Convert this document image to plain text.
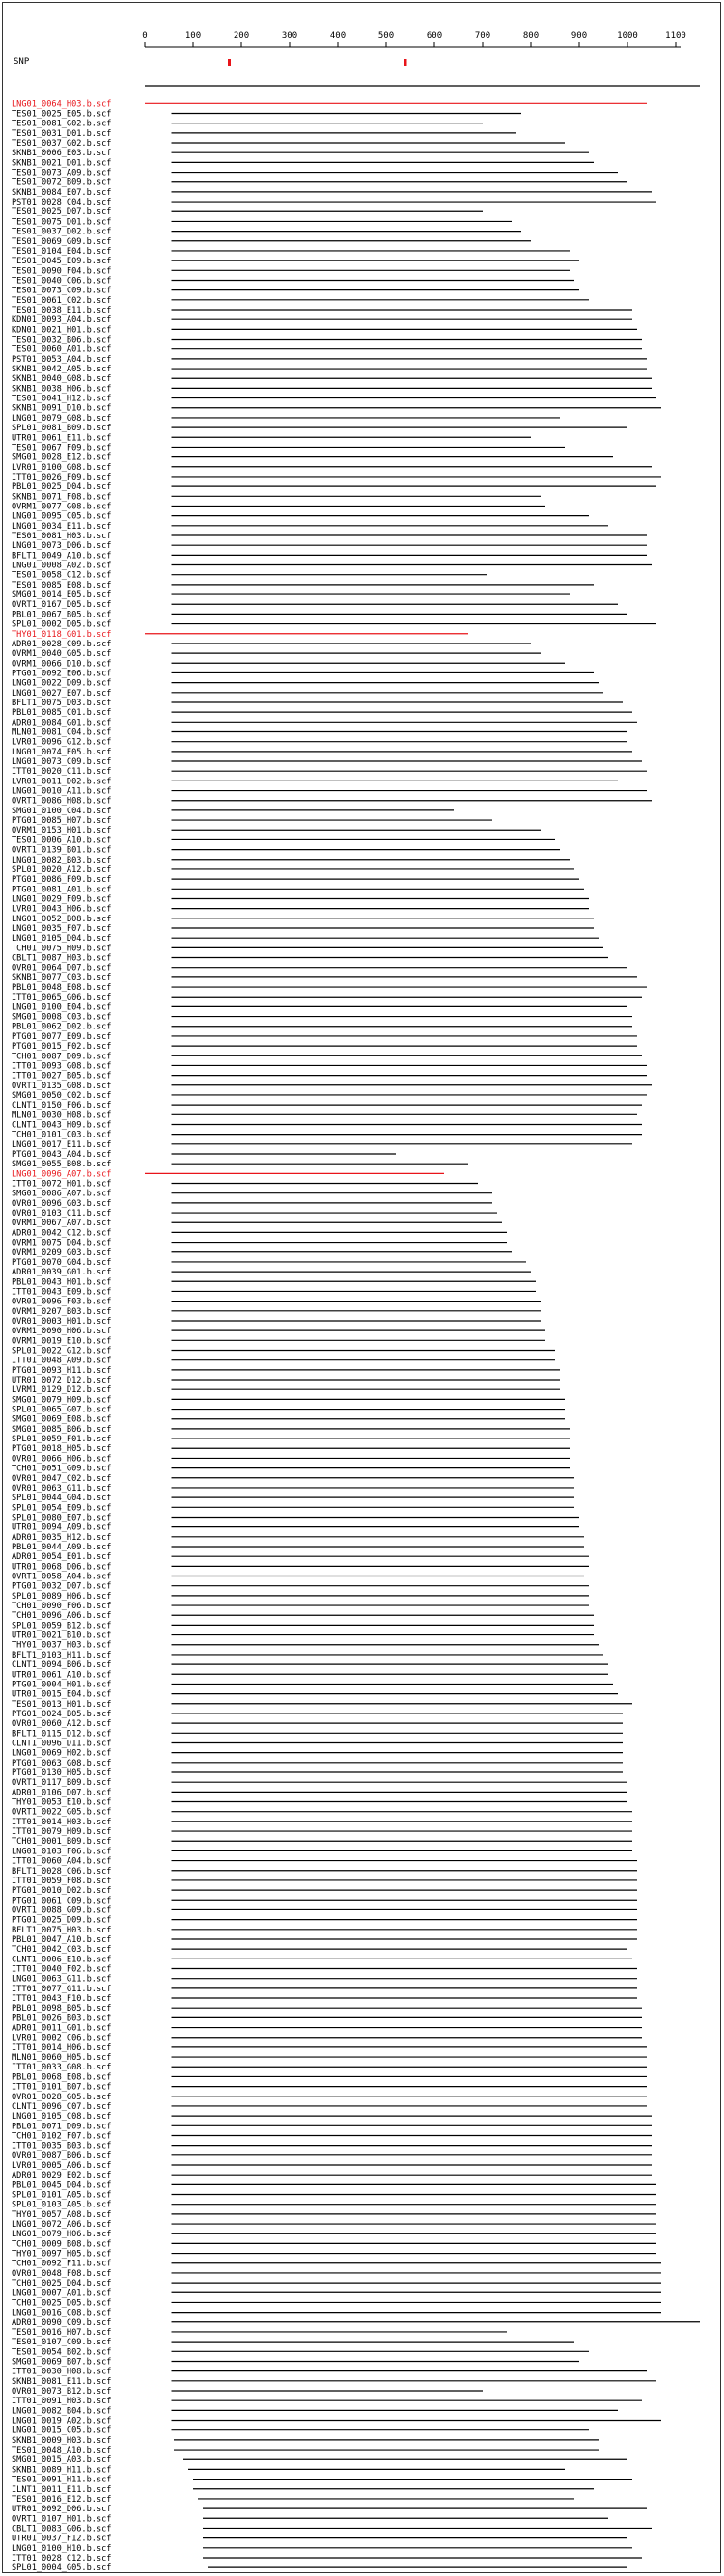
0	100	200	300	400	500	600	700	800	900	1000	1100
SNP
LNG01_0064_H03.b.scf
TES01_0025_E05.b.scf
TES01_0081_G02.b.scf
TES01_0031_D01.b.scf
TES01_0037_G02.b.scf
SKNB1_0006_E03.b.scf
SKNB1_0021_D01.b.scf
TES01_0073_A09.b.scf
TES01_0072_B09.b.scf
SKNB1_0084_E07.b.scf
PST01_0028_C04.b.scf
TES01_0025_D07.b.scf
TES01_0075_D01.b.scf
TES01_0037_D02.b.scf
TES01_0069_G09.b.scf
TES01_0104_E04.b.scf
TES01_0045_E09.b.scf
TES01_0090_F04.b.scf
TES01_0040_C06.b.scf
TES01_0073_C09.b.scf
TES01_0061_C02.b.scf
TES01_0038_E11.b.scf
KDN01_0093_A04.b.scf
KDN01_0021_H01.b.scf
TES01_0032_B06.b.scf
TES01_0060_A01.b.scf
PST01_0053_A04.b.scf
SKNB1_0042_A05.b.scf
SKNB1_0040_G08.b.scf
SKNB1_0038_H06.b.scf
TES01_0041_H12.b.scf
SKNB1_0091_D10.b.scf
LNG01_0079_G08.b.scf
SPL01_0081_B09.b.scf
UTR01_0061_E11.b.scf
TES01_0067_F09.b.scf
SMG01_0028_E12.b.scf
LVR01_0100_G08.b.scf
ITT01_0026_F09.b.scf
PBL01_0025_D04.b.scf
SKNB1_0071_F08.b.scf
OVRM1_0077_G08.b.scf
LNG01_0095_C05.b.scf
LNG01_0034_E11.b.scf
TES01_0081_H03.b.scf
LNG01_0073_D06.b.scf
BFLT1_0049_A10.b.scf
LNG01_0008_A02.b.scf
TES01_0058_C12.b.scf
TES01_0085_E08.b.scf
SMG01_0014_E05.b.scf
OVRT1_0167_D05.b.scf
PBL01_0067_B05.b.scf
SPL01_0002_D05.b.scf
THY01_0118_G01.b.scf
ADR01_0028_C09.b.scf
OVRM1_0040_G05.b.scf
OVRM1_0066_D10.b.scf
PTG01_0092_E06.b.scf
LNG01_0022_D09.b.scf
LNG01_0027_E07.b.scf
BFLT1_0075_D03.b.scf
PBL01_0085_C01.b.scf
ADR01_0084_G01.b.scf
MLN01_0081_C04.b.scf
LVR01_0096_G12.b.scf
LNG01_0074_E05.b.scf
LNG01_0073_C09.b.scf
ITT01_0020_C11.b.scf
LVR01_0011_D02.b.scf
LNG01_0010_A11.b.scf
OVRT1_0086_H08.b.scf
SMG01_0100_C04.b.scf
PTG01_0085_H07.b.scf
OVRM1_0153_H01.b.scf
TES01_0006_A10.b.scf
OVRT1_0139_B01.b.scf
LNG01_0082_B03.b.scf
SPL01_0020_A12.b.scf
PTG01_0086_F09.b.scf
PTG01_0081_A01.b.scf
LNG01_0029_F09.b.scf
LVR01_0043_H06.b.scf
LNG01_0052_B08.b.scf
LNG01_0035_F07.b.scf
LNG01_0105_D04.b.scf
TCH01_0075_H09.b.scf
CBLT1_0087_H03.b.scf
OVR01_0064_D07.b.scf
SKNB1_0077_C03.b.scf
PBL01_0048_E08.b.scf
ITT01_0065_G06.b.scf
LNG01_0100_E04.b.scf
SMG01_0008_C03.b.scf
PBL01_0062_D02.b.scf
PTG01_0077_E09.b.scf
PTG01_0015_F02.b.scf
TCH01_0087_D09.b.scf
ITT01_0093_G08.b.scf
ITT01_0027_B05.b.scf
OVRT1_0135_G08.b.scf
SMG01_0050_C02.b.scf
CLNT1_0150_F06.b.scf
MLN01_0030_H08.b.scf
CLNT1_0043_H09.b.scf
TCH01_0101_C03.b.scf
LNG01_0017_E11.b.scf
PTG01_0043_A04.b.scf
SMG01_0055_B08.b.scf
LNG01_0096_A07.b.scf
ITT01_0072_H01.b.scf
SMG01_0086_A07.b.scf
OVR01_0096_G03.b.scf
OVR01_0103_C11.b.scf
OVRM1_0067_A07.b.scf
ADR01_0042_C12.b.scf
OVRM1_0075_D04.b.scf
OVRM1_0209_G03.b.scf
PTG01_0070_G04.b.scf
ADR01_0039_G01.b.scf
PBL01_0043_H01.b.scf
ITT01_0043_E09.b.scf
OVR01_0096_F03.b.scf
OVRM1_0207_B03.b.scf
OVR01_0003_H01.b.scf
OVRM1_0090_H06.b.scf
OVRM1_0019_E10.b.scf
SPL01_0022_G12.b.scf
ITT01_0048_A09.b.scf
PTG01_0093_H11.b.scf
UTR01_0072_D12.b.scf
LVRM1_0129_D12.b.scf
SMG01_0079_H09.b.scf
SPL01_0065_G07.b.scf
SMG01_0069_E08.b.scf
SMG01_0085_B06.b.scf
SPL01_0059_F01.b.scf
PTG01_0018_H05.b.scf
OVR01_0066_H06.b.scf
TCH01_0051_G09.b.scf
OVR01_0047_C02.b.scf
OVR01_0063_G11.b.scf
SPL01_0044_G04.b.scf
SPL01_0054_E09.b.scf
SPL01_0080_E07.b.scf
UTR01_0094_A09.b.scf
ADR01_0035_H12.b.scf
PBL01_0044_A09.b.scf
ADR01_0054_E01.b.scf
UTR01_0068_D06.b.scf
OVRT1_0058_A04.b.scf
PTG01_0032_D07.b.scf
SPL01_0089_H06.b.scf
TCH01_0090_F06.b.scf
TCH01_0096_A06.b.scf
SPL01_0059_B12.b.scf
UTR01_0021_B10.b.scf
THY01_0037_H03.b.scf
BFLT1_0103_H11.b.scf
CLNT1_0094_B06.b.scf
UTR01_0061_A10.b.scf
PTG01_0004_H01.b.scf
UTR01_0015_E04.b.scf
TES01_0013_H01.b.scf
PTG01_0024_B05.b.scf
OVR01_0060_A12.b.scf
BFLT1_0115_D12.b.scf
CLNT1_0096_D11.b.scf
LNG01_0069_H02.b.scf
PTG01_0063_G08.b.scf
PTG01_0130_H05.b.scf
OVRT1_0117_B09.b.scf
ADR01_0106_D07.b.scf
THY01_0053_E10.b.scf
OVRT1_0022_G05.b.scf
ITT01_0014_H03.b.scf
ITT01_0079_H09.b.scf
TCH01_0001_B09.b.scf
LNG01_0103_F06.b.scf
ITT01_0060_A04.b.scf
BFLT1_0028_C06.b.scf
ITT01_0059_F08.b.scf
PTG01_0010_D02.b.scf
PTG01_0061_C09.b.scf
OVRT1_0088_G09.b.scf
PTG01_0025_D09.b.scf
BFLT1_0075_H03.b.scf
PBL01_0047_A10.b.scf
TCH01_0042_C03.b.scf
CLNT1_0006_E10.b.scf
ITT01_0040_F02.b.scf
LNG01_0063_G11.b.scf
ITT01_0077_G11.b.scf
ITT01_0043_F10.b.scf
PBL01_0098_B05.b.scf
PBL01_0026_B03.b.scf
ADR01_0011_G01.b.scf
LVR01_0002_C06.b.scf
ITT01_0014_H06.b.scf
MLN01_0060_H05.b.scf
ITT01_0033_G08.b.scf
PBL01_0068_E08.b.scf
ITT01_0101_B07.b.scf
OVR01_0028_G05.b.scf
CLNT1_0096_C07.b.scf
LNG01_0105_C08.b.scf
PBL01_0071_D09.b.scf
TCH01_0102_F07.b.scf
ITT01_0035_B03.b.scf
OVR01_0087_B06.b.scf
LVR01_0005_A06.b.scf
ADR01_0029_E02.b.scf
PBL01_0045_D04.b.scf
SPL01_0101_A05.b.scf
SPL01_0103_A05.b.scf
THY01_0057_A08.b.scf
LNG01_0072_A06.b.scf
LNG01_0079_H06.b.scf
TCH01_0009_B08.b.scf
THY01_0097_H05.b.scf
TCH01_0092_F11.b.scf
OVR01_0048_F08.b.scf
TCH01_0025_D04.b.scf
LNG01_0007_A01.b.scf
TCH01_0025_D05.b.scf
LNG01_0016_C08.b.scf
ADR01_0090_C09.b.scf
TES01_0016_H07.b.scf
TES01_0107_C09.b.scf
TES01_0054_B02.b.scf
SMG01_0069_B07.b.scf
ITT01_0030_H08.b.scf
SKNB1_0081_E11.b.scf
OVR01_0073_B12.b.scf
ITT01_0091_H03.b.scf
LNG01_0082_B04.b.scf
LNG01_0019_A02.b.scf
LNG01_0015_C05.b.scf
SKNB1_0009_H03.b.scf
TES01_0048_A10.b.scf
SMG01_0015_A03.b.scf
SKNB1_0089_H11.b.scf
TES01_0091_H11.b.scf
ILNT1_0011_E11.b.scf
TES01_0016_E12.b.scf
UTR01_0092_D06.b.scf
OVRT1_0107_H01.b.scf
CBLT1_0083_G06.b.scf
UTR01_0037_F12.b.scf
LNG01_0100_H10.b.scf
ITT01_0028_C12.b.scf
SPL01_0004_G05.b.scf
